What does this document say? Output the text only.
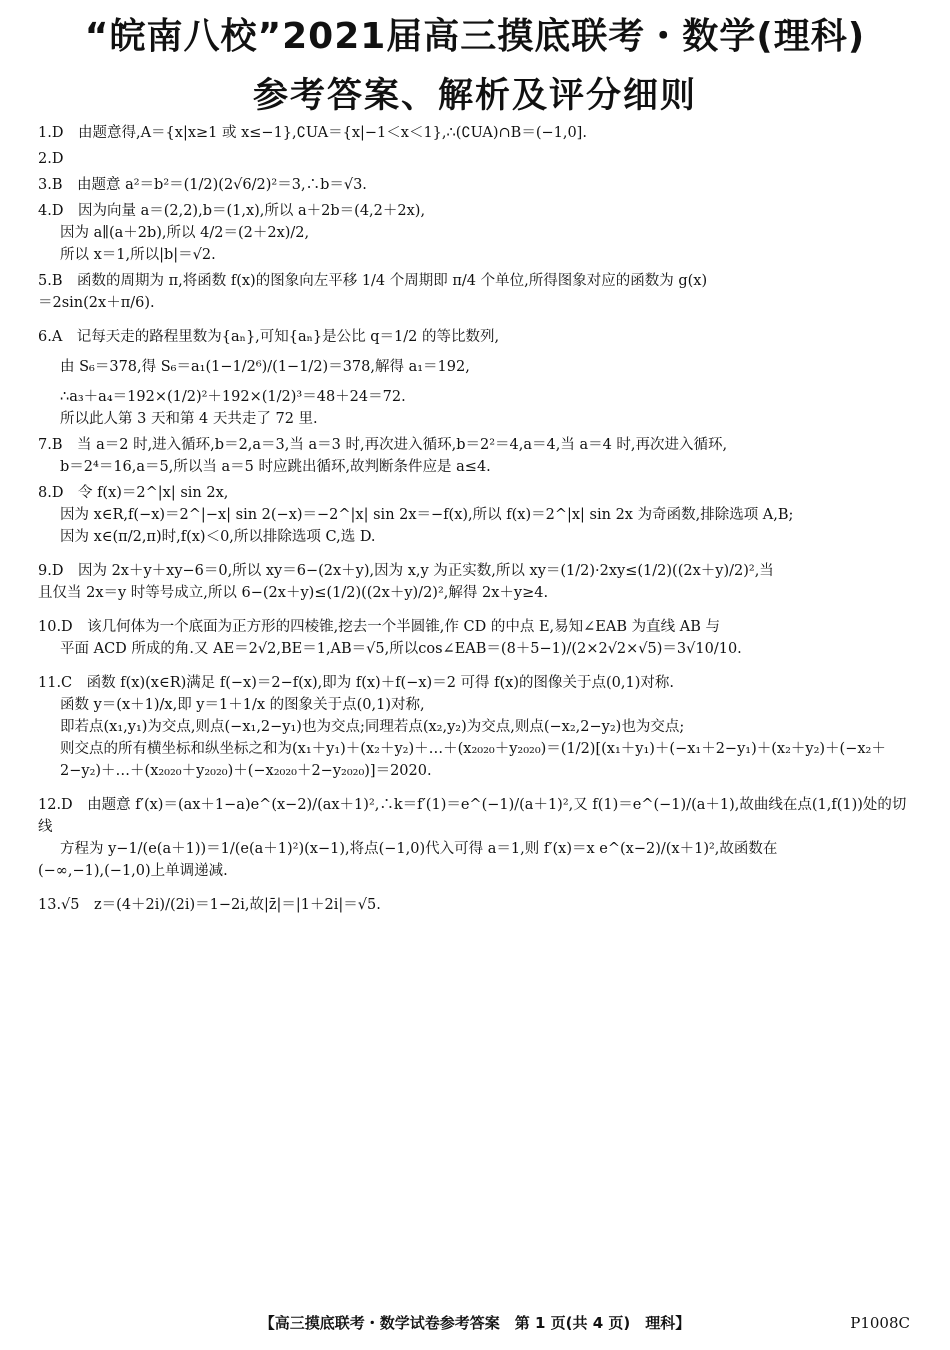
“皖南八校”2021届高三摸底联考・数学(理科)
参考答案、解析及评分细则
1.D　由题意得,A＝{x|x≥1 或 x≤−1},∁UA＝{x|−1＜x＜1},∴(∁UA)∩B＝(−1,0].
2.D
3.B　由题意 a²＝b²＝(1/2)(2√6/2)²＝3,∴b＝√3.
4.D　因为向量 a＝(2,2),b＝(1,x),所以 a＋2b＝(4,2＋2x),
因为 a∥(a＋2b),所以 4/2＝(2＋2x)/2,
所以 x＝1,所以|b|＝√2.
5.B　函数的周期为 π,将函数 f(x)的图象向左平移 1/4 个周期即 π/4 个单位,所得图象对应的函数为 g(x)
＝2sin(2x＋π/6).
6.A　记每天走的路程里数为{aₙ},可知{aₙ}是公比 q＝1/2 的等比数列,
由 S₆＝378,得 S₆＝a₁(1−1/2⁶)/(1−1/2)＝378,解得 a₁＝192,
∴a₃＋a₄＝192×(1/2)²＋192×(1/2)³＝48＋24＝72.
所以此人第 3 天和第 4 天共走了 72 里.
7.B　当 a＝2 时,进入循环,b＝2,a＝3,当 a＝3 时,再次进入循环,b＝2²＝4,a＝4,当 a＝4 时,再次进入循环,
b＝2⁴＝16,a＝5,所以当 a＝5 时应跳出循环,故判断条件应是 a≤4.
8.D　令 f(x)＝2^|x| sin 2x,
因为 x∈R,f(−x)＝2^|−x| sin 2(−x)＝−2^|x| sin 2x＝−f(x),所以 f(x)＝2^|x| sin 2x 为奇函数,排除选项 A,B;
因为 x∈(π/2,π)时,f(x)＜0,所以排除选项 C,选 D.
9.D　因为 2x＋y＋xy−6＝0,所以 xy＝6−(2x＋y),因为 x,y 为正实数,所以 xy＝(1/2)·2xy≤(1/2)((2x＋y)/2)²,当
且仅当 2x＝y 时等号成立,所以 6−(2x＋y)≤(1/2)((2x＋y)/2)²,解得 2x＋y≥4.
10.D　该几何体为一个底面为正方形的四棱锥,挖去一个半圆锥,作 CD 的中点 E,易知∠EAB 为直线 AB 与
平面 ACD 所成的角.又 AE＝2√2,BE＝1,AB＝√5,所以cos∠EAB＝(8＋5−1)/(2×2√2×√5)＝3√10/10.
11.C　函数 f(x)(x∈R)满足 f(−x)＝2−f(x),即为 f(x)＋f(−x)＝2 可得 f(x)的图像关于点(0,1)对称.
函数 y＝(x＋1)/x,即 y＝1＋1/x 的图象关于点(0,1)对称,
即若点(x₁,y₁)为交点,则点(−x₁,2−y₁)也为交点;同理若点(x₂,y₂)为交点,则点(−x₂,2−y₂)也为交点;
则交点的所有横坐标和纵坐标之和为(x₁＋y₁)＋(x₂＋y₂)＋…＋(x₂₀₂₀＋y₂₀₂₀)＝(1/2)[(x₁＋y₁)＋(−x₁＋2−y₁)＋(x₂＋y₂)＋(−x₂＋2−y₂)＋…＋(x₂₀₂₀＋y₂₀₂₀)＋(−x₂₀₂₀＋2−y₂₀₂₀)]＝2020.
12.D　由题意 f′(x)＝(ax＋1−a)e^(x−2)/(ax＋1)²,∴k＝f′(1)＝e^(−1)/(a＋1)²,又 f(1)＝e^(−1)/(a＋1),故曲线在点(1,f(1))处的切线
方程为 y−1/(e(a＋1))＝1/(e(a＋1)²)(x−1),将点(−1,0)代入可得 a＝1,则 f′(x)＝x e^(x−2)/(x＋1)²,故函数在
(−∞,−1),(−1,0)上单调递减.
13.√5　z＝(4＋2i)/(2i)＝1−2i,故|z̄|＝|1＋2i|＝√5.
【高三摸底联考・数学试卷参考答案　第 1 页(共 4 页)　理科】	P1008C
